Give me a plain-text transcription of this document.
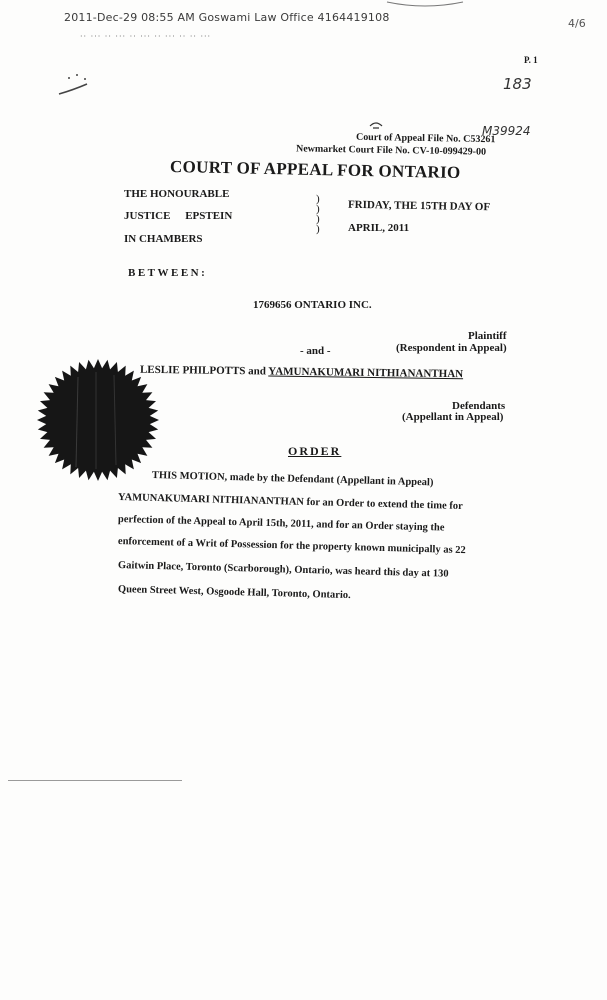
2011-Dec-29 08:55 AM Goswami Law Office 4164419108	4/6
·· ··· ·· ··· ·· ··· ·· ··· ·· ·· ···
P. 1
183
M39924
Court of Appeal File No. C53261
Newmarket Court File No. CV-10-099429-00
COURT OF APPEAL FOR ONTARIO
THE HONOURABLE
JUSTICE EPSTEIN
IN CHAMBERS
)
)
)
)
FRIDAY, THE 15TH DAY OF
APRIL, 2011
BETWEEN:
1769656 ONTARIO INC.
Plaintiff
(Respondent in Appeal)
- and -
LESLIE PHILPOTTS and YAMUNAKUMARI NITHIANANTHAN
Defendants
(Appellant in Appeal)
ORDER
THIS MOTION, made by the Defendant (Appellant in Appeal)
YAMUNAKUMARI NITHIANANTHAN for an Order to extend the time for
perfection of the Appeal to April 15th, 2011, and for an Order staying the
enforcement of a Writ of Possession for the property known municipally as 22
Gaitwin Place, Toronto (Scarborough), Ontario, was heard this day at 130
Queen Street West, Osgoode Hall, Toronto, Ontario.
